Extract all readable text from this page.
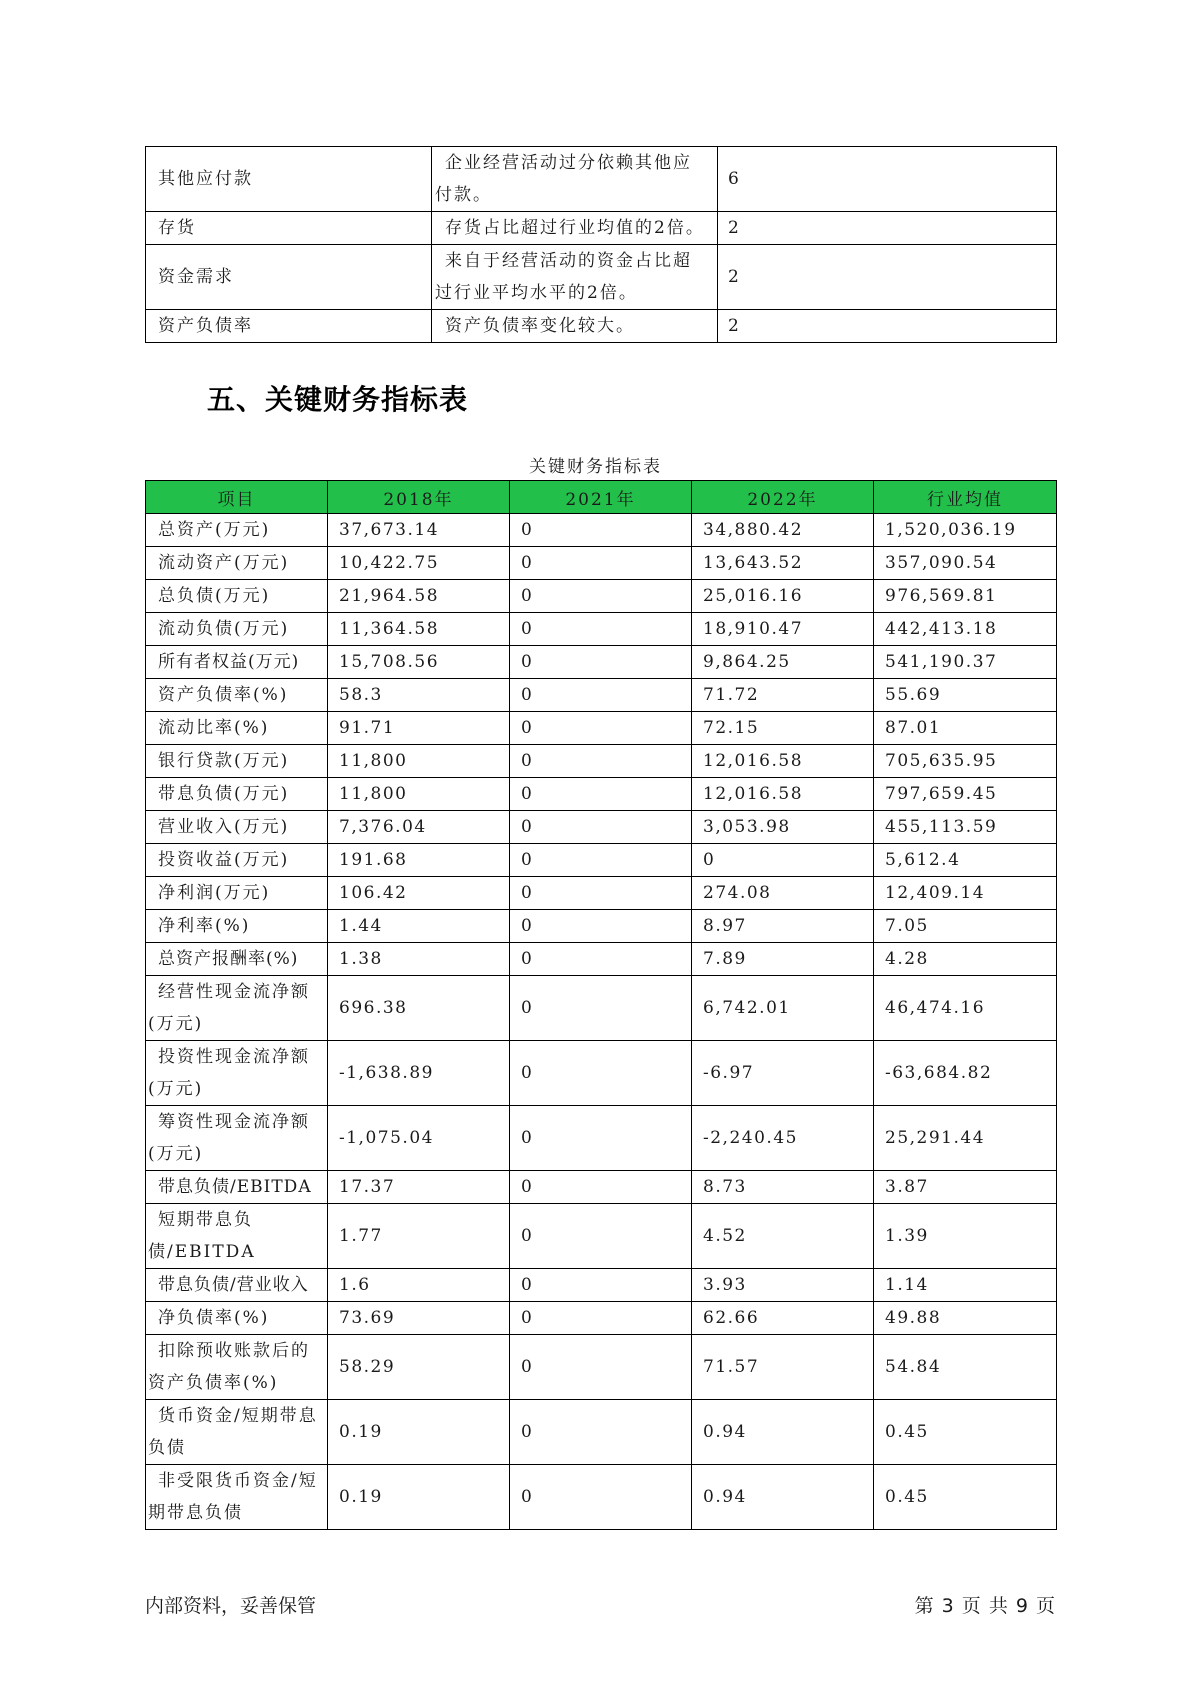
其他应付款	企业经营活动过分依赖其他应付款。	6
存货	存货占比超过行业均值的2倍。	2
资金需求	来自于经营活动的资金占比超过行业平均水平的2倍。	2
资产负债率	资产负债率变化较大。	2
五、关键财务指标表
关键财务指标表
项目	2018年	2021年	2022年	行业均值
总资产(万元)	37,673.14	0	34,880.42	1,520,036.19
流动资产(万元)	10,422.75	0	13,643.52	357,090.54
总负债(万元)	21,964.58	0	25,016.16	976,569.81
流动负债(万元)	11,364.58	0	18,910.47	442,413.18
所有者权益(万元)	15,708.56	0	9,864.25	541,190.37
资产负债率(%)	58.3	0	71.72	55.69
流动比率(%)	91.71	0	72.15	87.01
银行贷款(万元)	11,800	0	12,016.58	705,635.95
带息负债(万元)	11,800	0	12,016.58	797,659.45
营业收入(万元)	7,376.04	0	3,053.98	455,113.59
投资收益(万元)	191.68	0	0	5,612.4
净利润(万元)	106.42	0	274.08	12,409.14
净利率(%)	1.44	0	8.97	7.05
总资产报酬率(%)	1.38	0	7.89	4.28
经营性现金流净额(万元)	696.38	0	6,742.01	46,474.16
投资性现金流净额(万元)	-1,638.89	0	-6.97	-63,684.82
筹资性现金流净额(万元)	-1,075.04	0	-2,240.45	25,291.44
带息负债/EBITDA	17.37	0	8.73	3.87
短期带息负债/EBITDA	1.77	0	4.52	1.39
带息负债/营业收入	1.6	0	3.93	1.14
净负债率(%)	73.69	0	62.66	49.88
扣除预收账款后的资产负债率(%)	58.29	0	71.57	54.84
货币资金/短期带息负债	0.19	0	0.94	0.45
非受限货币资金/短期带息负债	0.19	0	0.94	0.45
内部资料，妥善保管	第 3 页 共 9 页
